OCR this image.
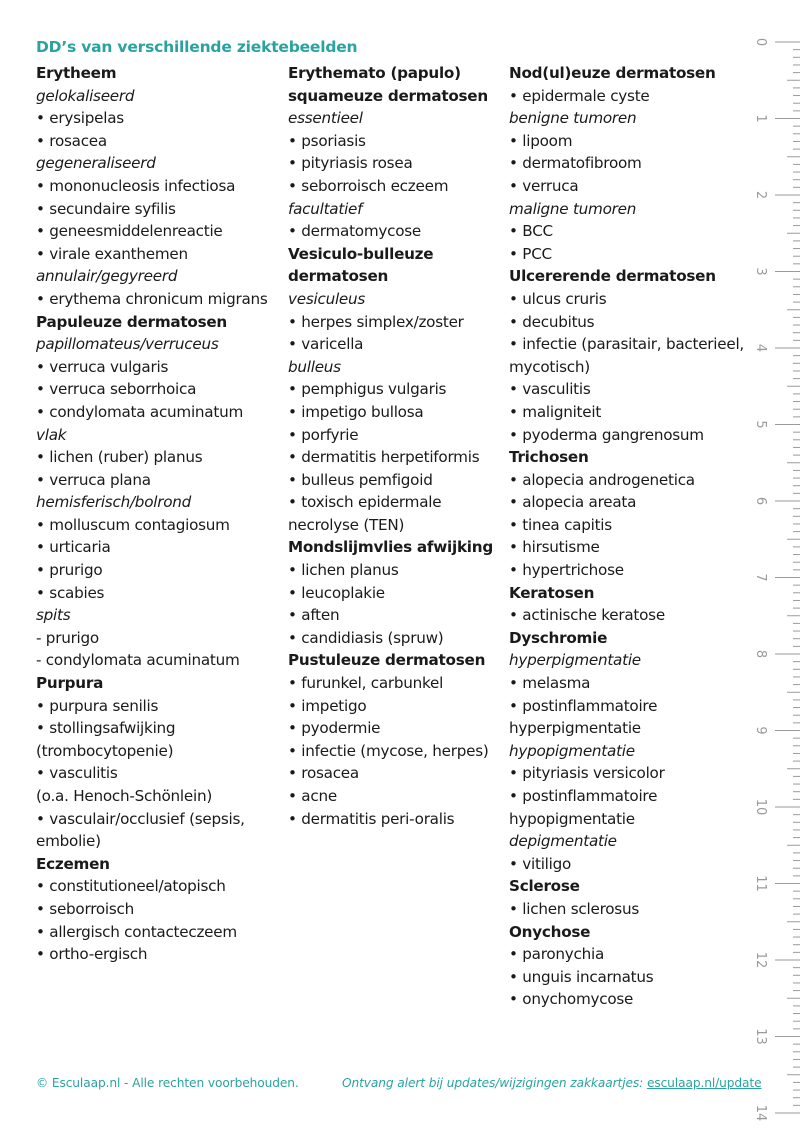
DD’s van verschillende ziektebeelden
Erytheem
gelokaliseerd
• erysipelas
• rosacea
gegeneraliseerd
• mononucleosis infectiosa
• secundaire syfilis
• geneesmiddelenreactie
• virale exanthemen
annulair/gegyreerd
• erythema chronicum migrans
Papuleuze dermatosen
papillomateus/verruceus
• verruca vulgaris
• verruca seborrhoica
• condylomata acuminatum
vlak
• lichen (ruber) planus
• verruca plana
hemisferisch/bolrond
• molluscum contagiosum
• urticaria
• prurigo
• scabies
spits
- prurigo
- condylomata acuminatum
Purpura
• purpura senilis
• stollingsafwijking
(trombocytopenie)
• vasculitis
(o.a. Henoch-Schönlein)
• vasculair/occlusief (sepsis,
embolie)
Eczemen
• constitutioneel/atopisch
• seborroisch
• allergisch contacteczeem
• ortho-ergisch
Erythemato (papulo)
squameuze dermatosen
essentieel
• psoriasis
• pityriasis rosea
• seborroisch eczeem
facultatief
• dermatomycose
Vesiculo-bulleuze
dermatosen
vesiculeus
• herpes simplex/zoster
• varicella
bulleus
• pemphigus vulgaris
• impetigo bullosa
• porfyrie
• dermatitis herpetiformis
• bulleus pemfigoid
• toxisch epidermale
necrolyse (TEN)
Mondslijmvlies afwijking
• lichen planus
• leucoplakie
• aften
• candidiasis (spruw)
Pustuleuze dermatosen
• furunkel, carbunkel
• impetigo
• pyodermie
• infectie (mycose, herpes)
• rosacea
• acne
• dermatitis peri-oralis
Nod(ul)euze dermatosen
• epidermale cyste
benigne tumoren
• lipoom
• dermatofibroom
• verruca
maligne tumoren
• BCC
• PCC
Ulcererende dermatosen
• ulcus cruris
• decubitus
• infectie (parasitair, bacterieel,
mycotisch)
• vasculitis
• maligniteit
• pyoderma gangrenosum
Trichosen
• alopecia androgenetica
• alopecia areata
• tinea capitis
• hirsutisme
• hypertrichose
Keratosen
• actinische keratose
Dyschromie
hyperpigmentatie
• melasma
• postinflammatoire
hyperpigmentatie
hypopigmentatie
• pityriasis versicolor
• postinflammatoire
hypopigmentatie
depigmentatie
• vitiligo
Sclerose
• lichen sclerosus
Onychose
• paronychia
• unguis incarnatus
• onychomycose
© Esculaap.nl - Alle rechten voorbehouden.	Ontvang alert bij updates/wijzigingen zakkaartjes: esculaap.nl/update
0
1
2
3
4
5
6
7
8
9
10
11
12
13
14
